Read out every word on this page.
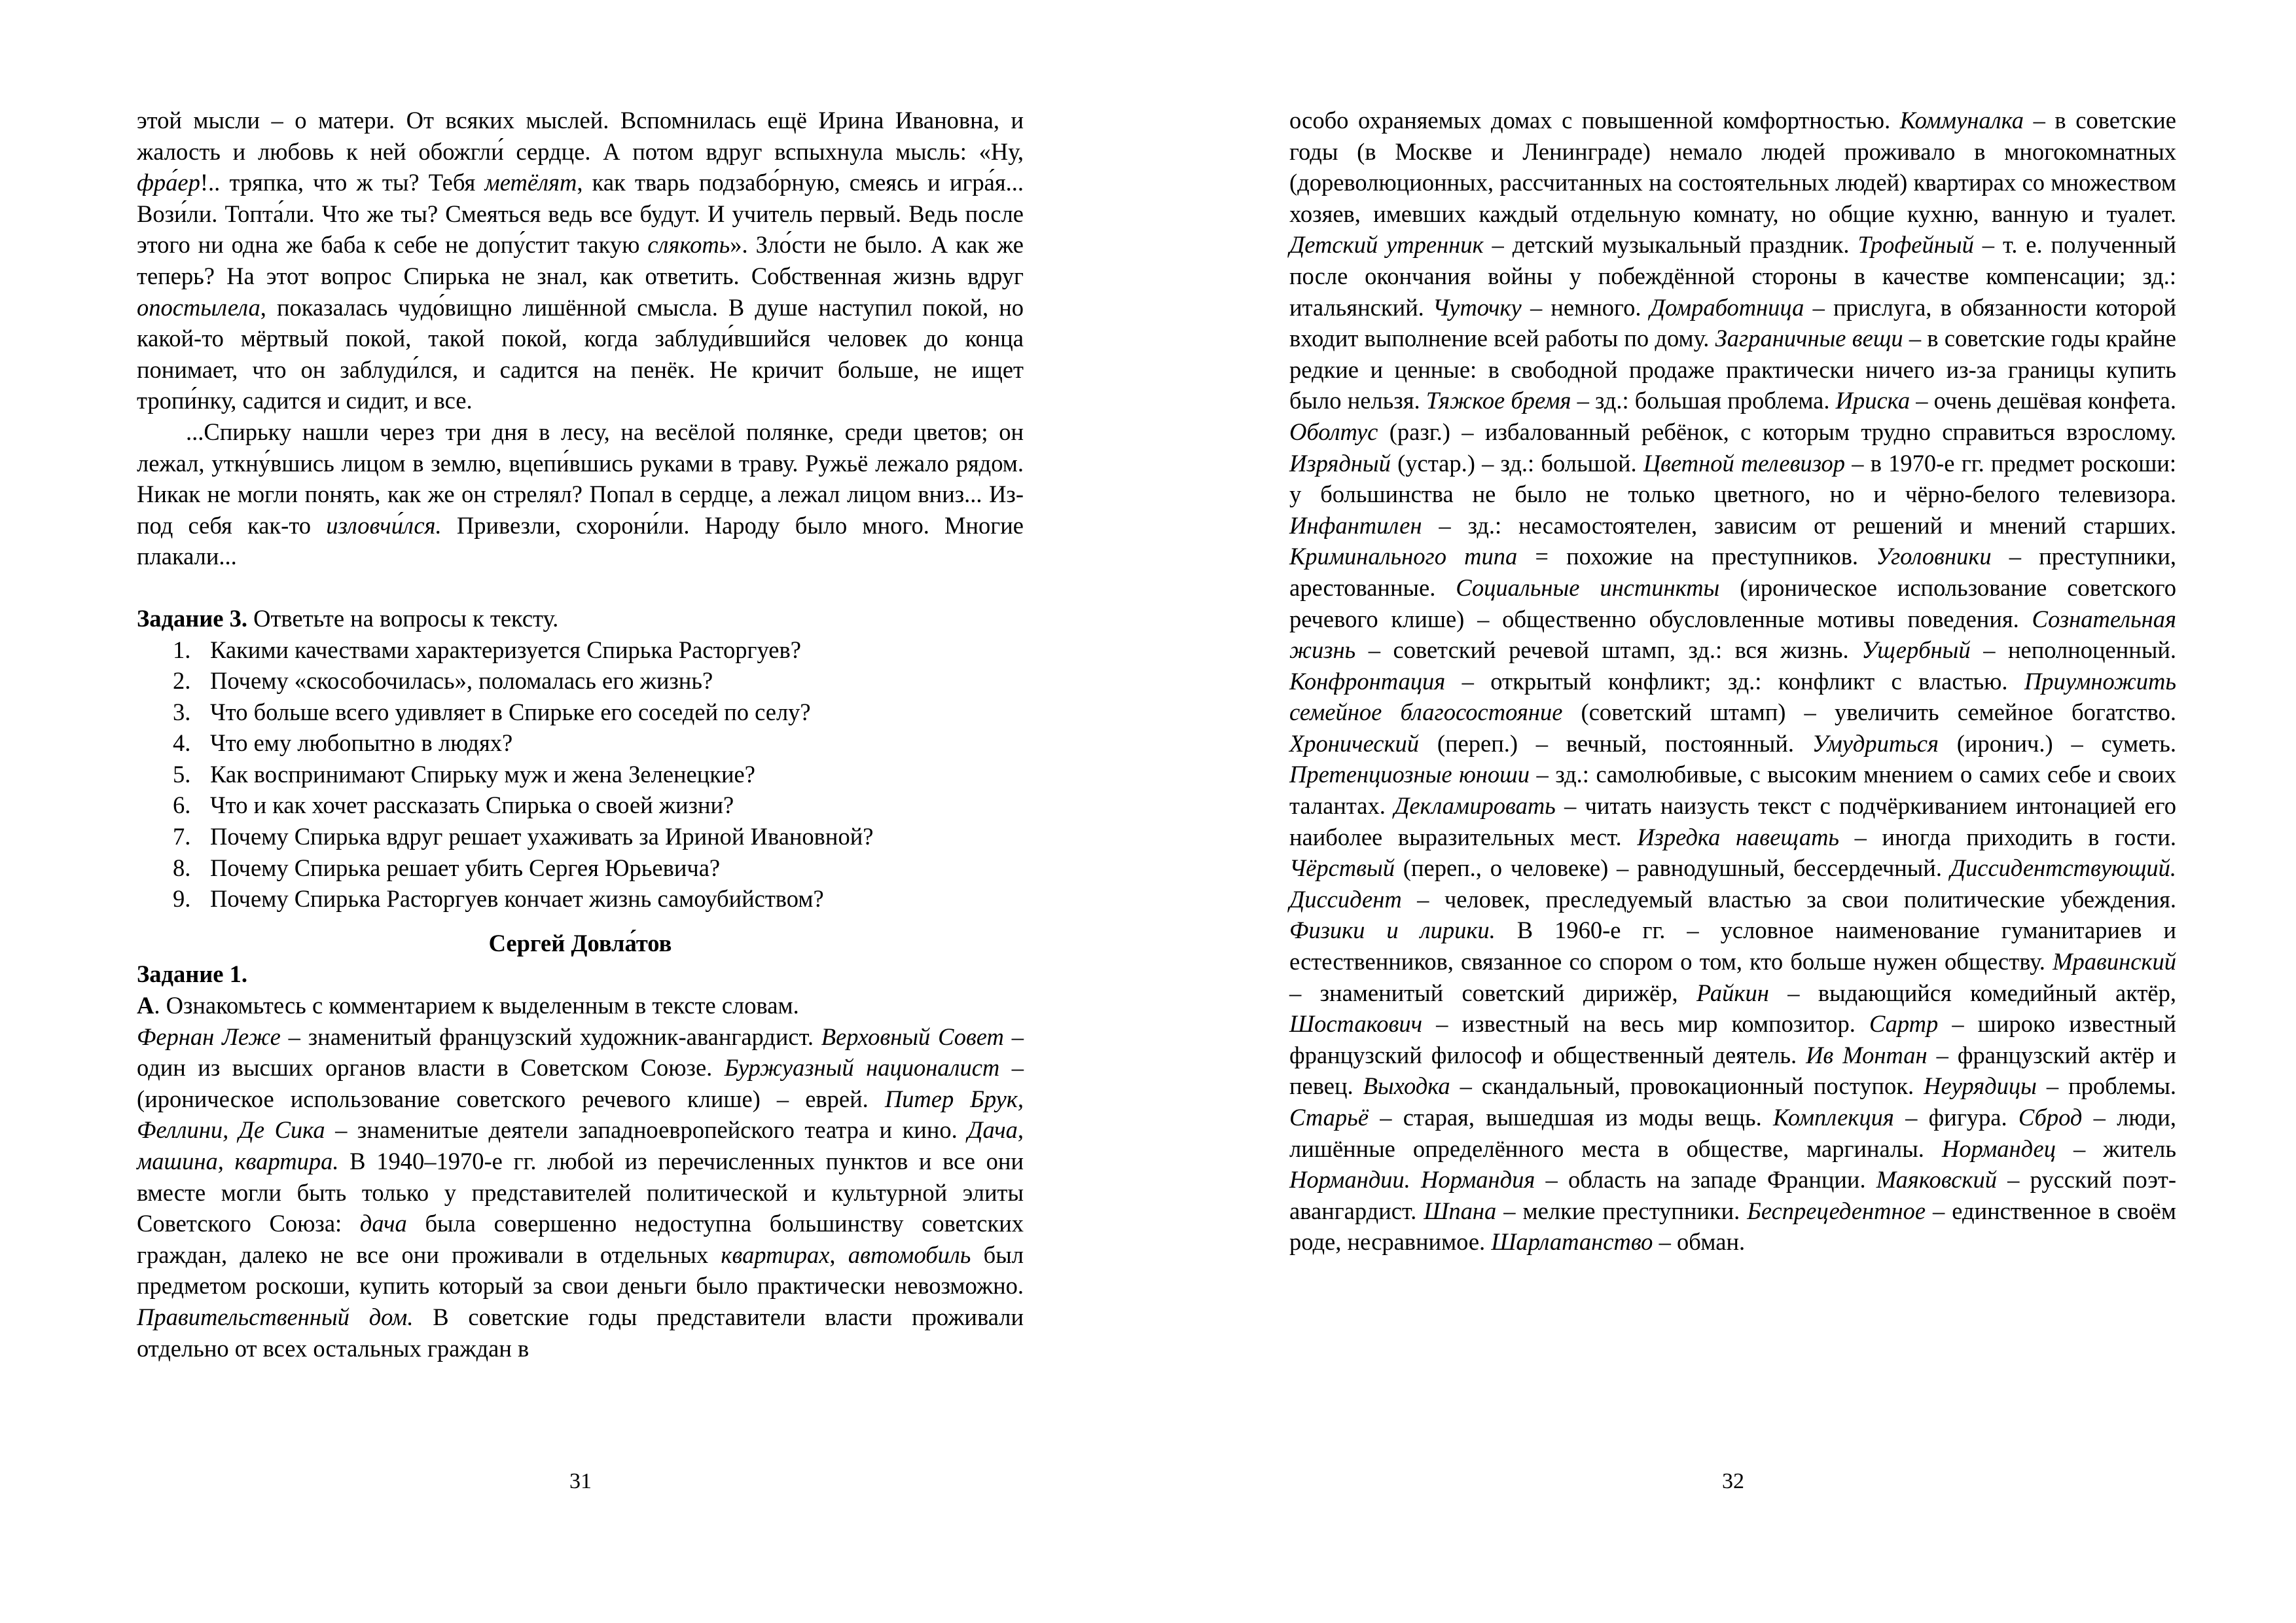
этой мысли – о матери. От всяких мыслей. Вспомнилась ещё Ирина Ивановна, и жалость и любовь к ней обожгли́ сердце. А потом вдруг вспыхнула мысль: «Ну, фра́ер!.. тряпка, что ж ты? Тебя метёлят, как тварь подзабо́рную, смеясь и игра́я... Вози́ли. Топта́ли. Что же ты? Смеяться ведь все будут. И учитель первый. Ведь после этого ни одна же баба к себе не допу́стит такую слякоть». Зло́сти не было. А как же теперь? На этот вопрос Спирька не знал, как ответить. Собственная жизнь вдруг опостылела, показалась чудо́вищно лишённой смысла. В душе наступил покой, но какой-то мёртвый покой, такой покой, когда заблуди́вшийся человек до конца понимает, что он заблуди́лся, и садится на пенёк. Не кричит больше, не ищет тропи́нку, садится и сидит, и все.

...Спирьку нашли через три дня в лесу, на весёлой полянке, среди цветов; он лежал, уткну́вшись лицом в землю, вцепи́вшись руками в траву. Ружьё лежало рядом. Никак не могли понять, как же он стрелял? Попал в сердце, а лежал лицом вниз... Из-под себя как-то изловчи́лся. Привезли, схорони́ли. Народу было много. Многие плакали...

Задание 3. Ответьте на вопросы к тексту.

1. Какими качествами характеризуется Спирька Расторгуев?
2. Почему «скособочилась», поломалась его жизнь?
3. Что больше всего удивляет в Спирьке его соседей по селу?
4. Что ему любопытно в людях?
5. Как воспринимают Спирьку муж и жена Зеленецкие?
6. Что и как хочет рассказать Спирька о своей жизни?
7. Почему Спирька вдруг решает ухаживать за Ириной Ивановной?
8. Почему Спирька решает убить Сергея Юрьевича?
9. Почему Спирька Расторгуев кончает жизнь самоубийством?

Сергей Довла́тов

Задание 1.

А. Ознакомьтесь с комментарием к выделенным в тексте словам.

Фернан Леже – знаменитый французский художник-авангардист. Верховный Совет – один из высших органов власти в Советском Союзе. Буржуазный националист – (ироническое использование советского речевого клише) – еврей. Питер Брук, Феллини, Де Сика – знаменитые деятели западноевропейского театра и кино. Дача, машина, квартира. В 1940–1970-е гг. любой из перечисленных пунктов и все они вместе могли быть только у представителей политической и культурной элиты Советского Союза: дача была совершенно недоступна большинству советских граждан, далеко не все они проживали в отдельных квартирах, автомобиль был предметом роскоши, купить который за свои деньги было практически невозможно. Правительственный дом. В советские годы представители власти проживали отдельно от всех остальных граждан в

31

особо охраняемых домах с повышенной комфортностью. Коммуналка – в советские годы (в Москве и Ленинграде) немало людей проживало в многокомнатных (дореволюционных, рассчитанных на состоятельных людей) квартирах со множеством хозяев, имевших каждый отдельную комнату, но общие кухню, ванную и туалет. Детский утренник – детский музыкальный праздник. Трофейный – т. е. полученный после окончания войны у побеждённой стороны в качестве компенсации; зд.: итальянский. Чуточку – немного. Домработница – прислуга, в обязанности которой входит выполнение всей работы по дому. Заграничные вещи – в советские годы крайне редкие и ценные: в свободной продаже практически ничего из-за границы купить было нельзя. Тяжкое бремя – зд.: большая проблема. Ириска – очень дешёвая конфета. Оболтус (разг.) – избалованный ребёнок, с которым трудно справиться взрослому. Изрядный (устар.) – зд.: большой. Цветной телевизор – в 1970-е гг. предмет роскоши: у большинства не было не только цветного, но и чёрно-белого телевизора. Инфантилен – зд.: несамостоятелен, зависим от решений и мнений старших. Криминального типа = похожие на преступников. Уголовники – преступники, арестованные. Социальные инстинкты (ироническое использование советского речевого клише) – общественно обусловленные мотивы поведения. Сознательная жизнь – советский речевой штамп, зд.: вся жизнь. Ущербный – неполноценный. Конфронтация – открытый конфликт; зд.: конфликт с властью. Приумножить семейное благосостояние (советский штамп) – увеличить семейное богатство. Хронический (переп.) – вечный, постоянный. Умудриться (иронич.) – суметь. Претенциозные юноши – зд.: самолюбивые, с высоким мнением о самих себе и своих талантах. Декламировать – читать наизусть текст с подчёркиванием интонацией его наиболее выразительных мест. Изредка навещать – иногда приходить в гости. Чёрствый (переп., о человеке) – равнодушный, бессердечный. Диссидентствующий. Диссидент – человек, преследуемый властью за свои политические убеждения. Физики и лирики. В 1960-е гг. – условное наименование гуманитариев и естественников, связанное со спором о том, кто больше нужен обществу. Мравинский – знаменитый советский дирижёр, Райкин – выдающийся комедийный актёр, Шостакович – известный на весь мир композитор. Сартр – широко известный французский философ и общественный деятель. Ив Монтан – французский актёр и певец. Выходка – скандальный, провокационный поступок. Неурядицы – проблемы. Старьё – старая, вышедшая из моды вещь. Комплекция – фигура. Сброд – люди, лишённые определённого места в обществе, маргиналы. Нормандец – житель Нормандии. Нормандия – область на западе Франции. Маяковский – русский поэт-авангардист. Шпана – мелкие преступники. Беспрецедентное – единственное в своём роде, несравнимое. Шарлатанство – обман.

32
